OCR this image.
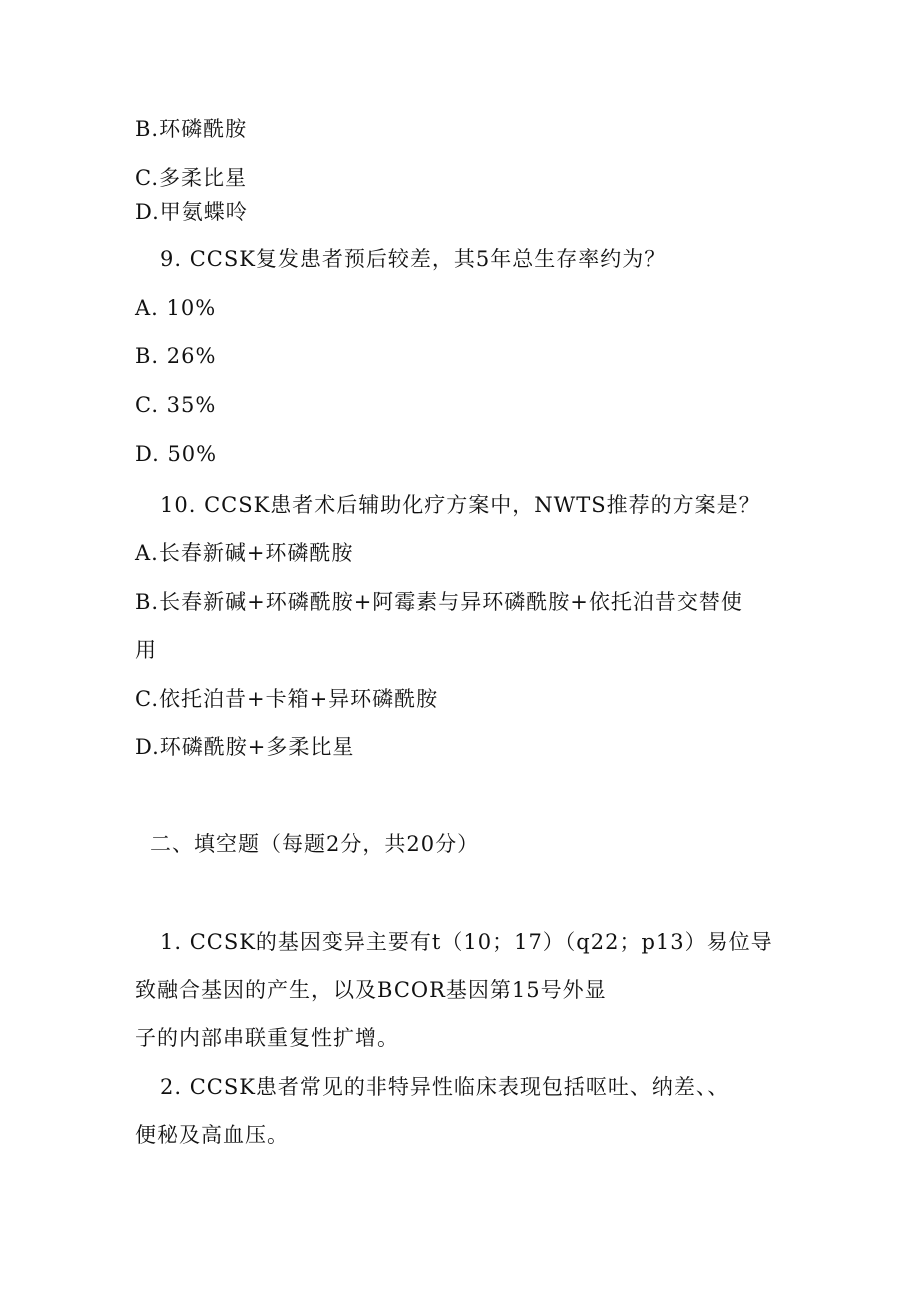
B.环磷酰胺
C.多柔比星
D.甲氨蝶呤
9. CCSK复发患者预后较差，其5年总生存率约为？
A. 10%
B. 26%
C. 35%
D. 50%
10. CCSK患者术后辅助化疗方案中，NWTS推荐的方案是？
A.长春新碱+环磷酰胺
B.长春新碱+环磷酰胺+阿霉素与异环磷酰胺+依托泊昔交替使
用
C.依托泊昔+卡箱+异环磷酰胺
D.环磷酰胺+多柔比星
二、填空题（每题2分，共20分）
1. CCSK的基因变异主要有t（10；17）（q22；p13）易位导
致融合基因的产生，以及BCOR基因第15号外显
子的内部串联重复性扩增。
2. CCSK患者常见的非特异性临床表现包括呕吐、纳差、、
便秘及高血压。
